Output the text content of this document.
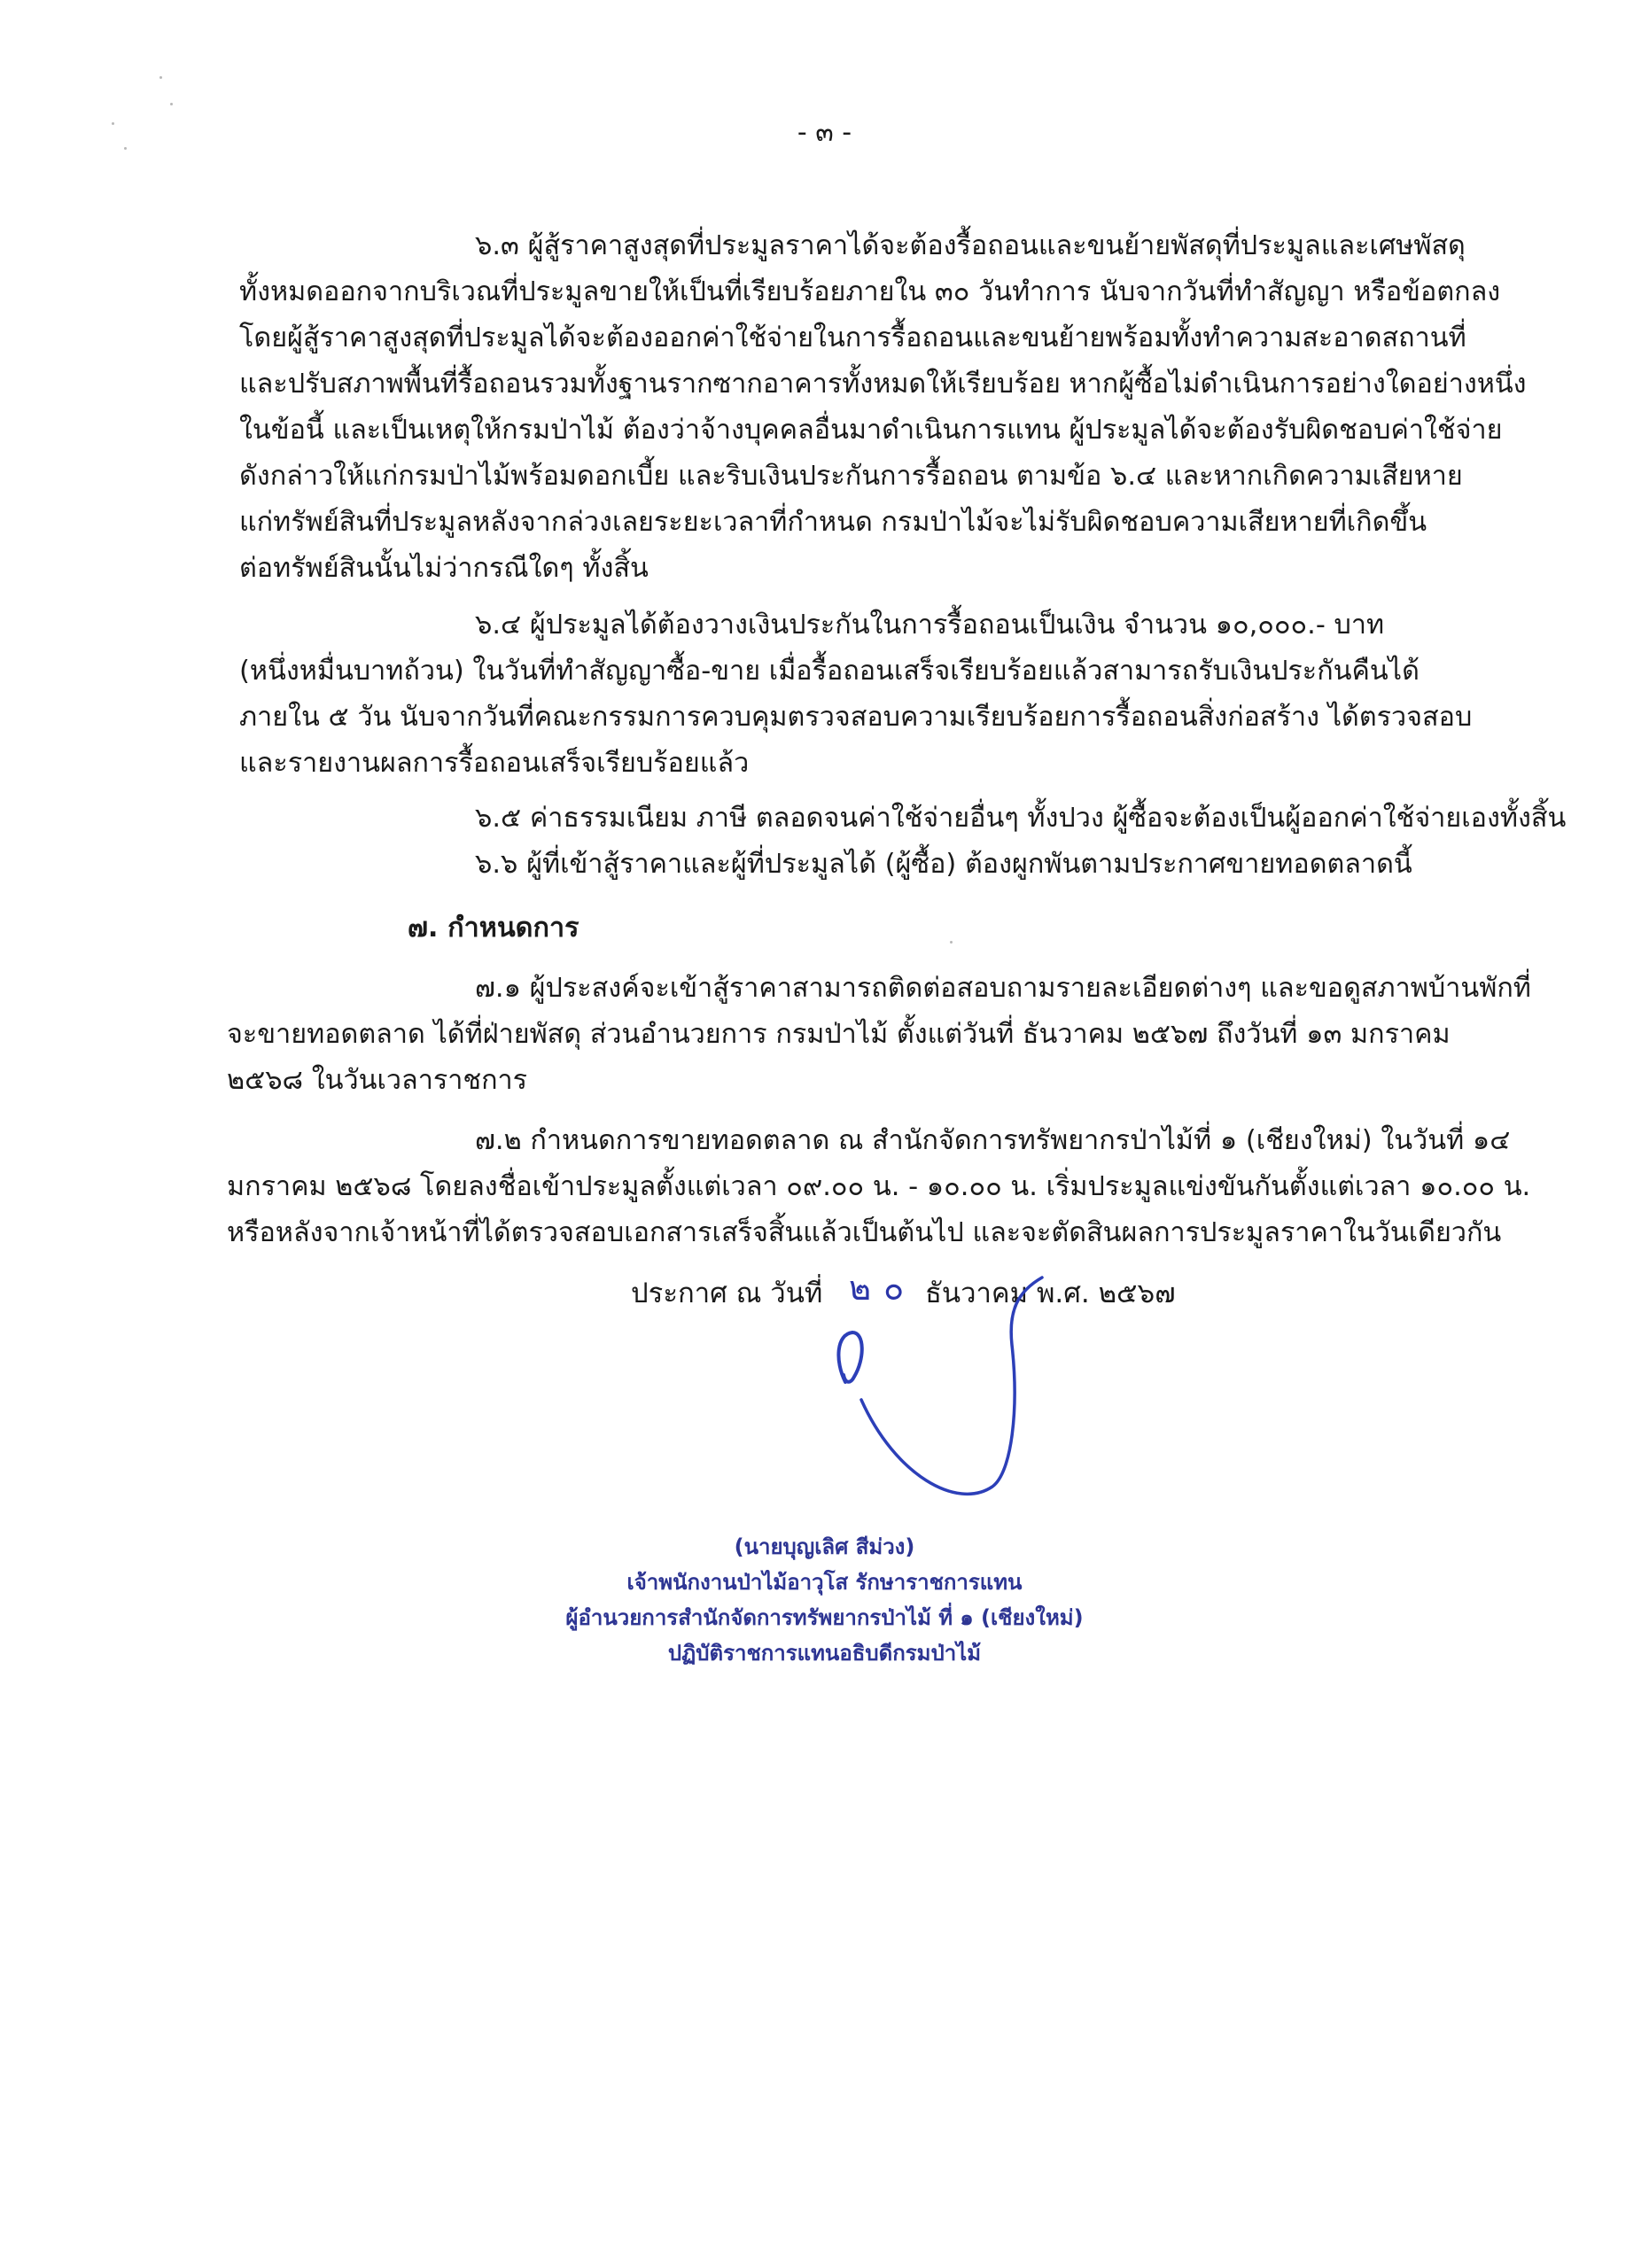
- ๓ -
๖.๓ ผู้สู้ราคาสูงสุดที่ประมูลราคาได้จะต้องรื้อถอนและขนย้ายพัสดุที่ประมูลและเศษพัสดุ
ทั้งหมดออกจากบริเวณที่ประมูลขายให้เป็นที่เรียบร้อยภายใน ๓๐ วันทำการ นับจากวันที่ทำสัญญา หรือข้อตกลง
โดยผู้สู้ราคาสูงสุดที่ประมูลได้จะต้องออกค่าใช้จ่ายในการรื้อถอนและขนย้ายพร้อมทั้งทำความสะอาดสถานที่
และปรับสภาพพื้นที่รื้อถอนรวมทั้งฐานรากซากอาคารทั้งหมดให้เรียบร้อย หากผู้ซื้อไม่ดำเนินการอย่างใดอย่างหนึ่ง
ในข้อนี้ และเป็นเหตุให้กรมป่าไม้ ต้องว่าจ้างบุคคลอื่นมาดำเนินการแทน ผู้ประมูลได้จะต้องรับผิดชอบค่าใช้จ่าย
ดังกล่าวให้แก่กรมป่าไม้พร้อมดอกเบี้ย และริบเงินประกันการรื้อถอน ตามข้อ ๖.๔ และหากเกิดความเสียหาย
แก่ทรัพย์สินที่ประมูลหลังจากล่วงเลยระยะเวลาที่กำหนด กรมป่าไม้จะไม่รับผิดชอบความเสียหายที่เกิดขึ้น
ต่อทรัพย์สินนั้นไม่ว่ากรณีใดๆ ทั้งสิ้น
๖.๔ ผู้ประมูลได้ต้องวางเงินประกันในการรื้อถอนเป็นเงิน จำนวน ๑๐,๐๐๐.- บาท
(หนึ่งหมื่นบาทถ้วน) ในวันที่ทำสัญญาซื้อ-ขาย เมื่อรื้อถอนเสร็จเรียบร้อยแล้วสามารถรับเงินประกันคืนได้
ภายใน ๕ วัน นับจากวันที่คณะกรรมการควบคุมตรวจสอบความเรียบร้อยการรื้อถอนสิ่งก่อสร้าง ได้ตรวจสอบ
และรายงานผลการรื้อถอนเสร็จเรียบร้อยแล้ว
๖.๕ ค่าธรรมเนียม ภาษี ตลอดจนค่าใช้จ่ายอื่นๆ ทั้งปวง ผู้ซื้อจะต้องเป็นผู้ออกค่าใช้จ่ายเองทั้งสิ้น
๖.๖ ผู้ที่เข้าสู้ราคาและผู้ที่ประมูลได้ (ผู้ซื้อ) ต้องผูกพันตามประกาศขายทอดตลาดนี้
๗. กำหนดการ
๗.๑ ผู้ประสงค์จะเข้าสู้ราคาสามารถติดต่อสอบถามรายละเอียดต่างๆ และขอดูสภาพบ้านพักที่
จะขายทอดตลาด ได้ที่ฝ่ายพัสดุ ส่วนอำนวยการ กรมป่าไม้ ตั้งแต่วันที่ ธันวาคม ๒๕๖๗ ถึงวันที่ ๑๓ มกราคม
๒๕๖๘ ในวันเวลาราชการ
๗.๒ กำหนดการขายทอดตลาด ณ สำนักจัดการทรัพยากรป่าไม้ที่ ๑ (เชียงใหม่) ในวันที่ ๑๔
มกราคม ๒๕๖๘ โดยลงชื่อเข้าประมูลตั้งแต่เวลา ๐๙.๐๐ น. - ๑๐.๐๐ น. เริ่มประมูลแข่งขันกันตั้งแต่เวลา ๑๐.๐๐ น.
หรือหลังจากเจ้าหน้าที่ได้ตรวจสอบเอกสารเสร็จสิ้นแล้วเป็นต้นไป และจะตัดสินผลการประมูลราคาในวันเดียวกัน
ประกาศ ณ วันที่ ๒๐ ธันวาคม พ.ศ. ๒๕๖๗
(นายบุญเลิศ สีม่วง)
เจ้าพนักงานป่าไม้อาวุโส รักษาราชการแทน
ผู้อำนวยการสำนักจัดการทรัพยากรป่าไม้ ที่ ๑ (เชียงใหม่)
ปฏิบัติราชการแทนอธิบดีกรมป่าไม้
